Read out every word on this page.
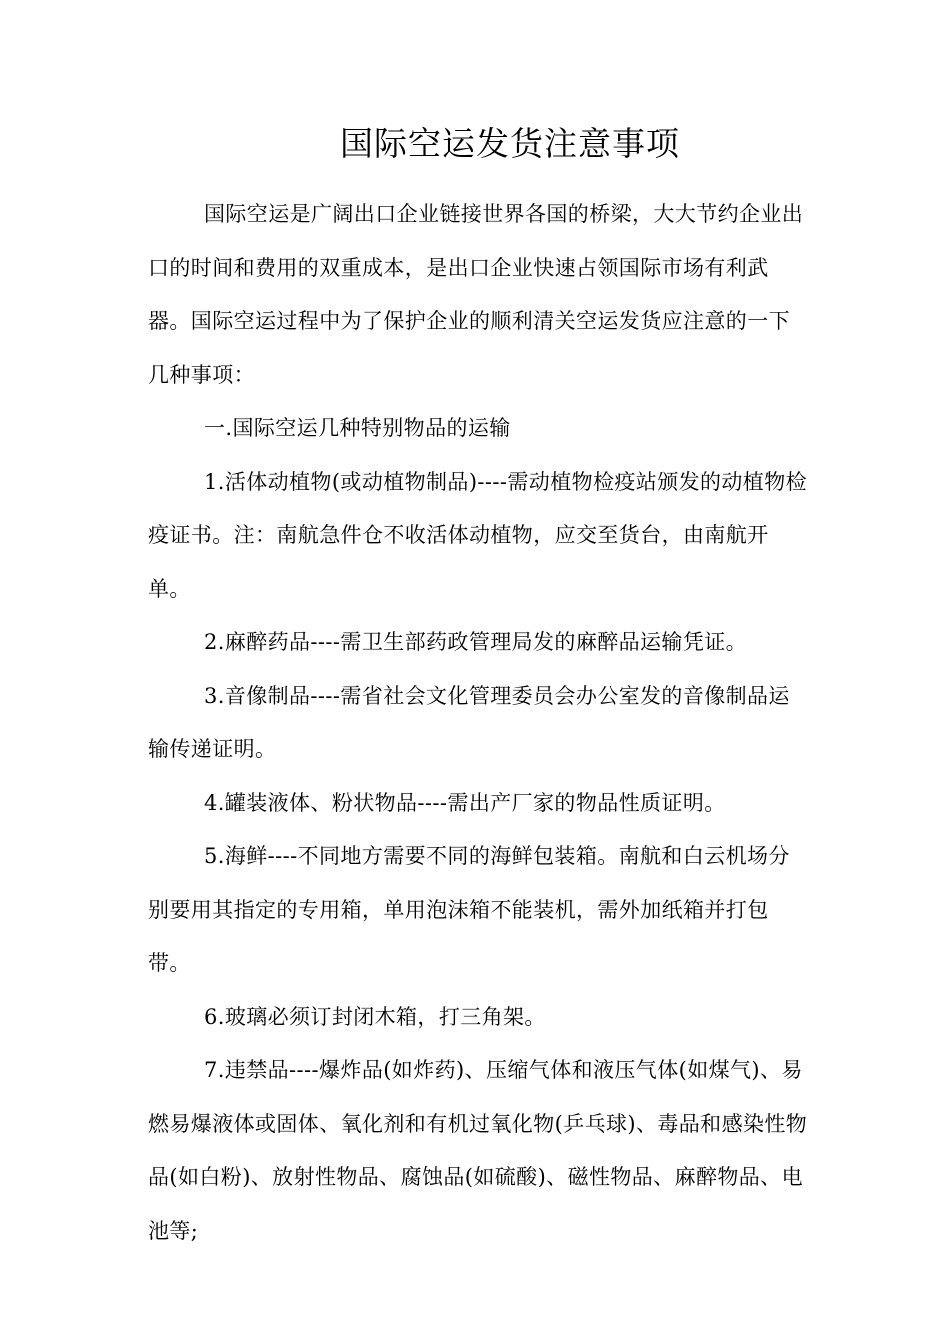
国际空运发货注意事项

国际空运是广阔出口企业链接世界各国的桥梁，大大节约企业出口的时间和费用的双重成本，是出口企业快速占领国际市场有利武器。国际空运过程中为了保护企业的顺利清关空运发货应注意的一下几种事项：

一.国际空运几种特别物品的运输

1.活体动植物(或动植物制品)----需动植物检疫站颁发的动植物检疫证书。注：南航急件仓不收活体动植物，应交至货台，由南航开单。

2.麻醉药品----需卫生部药政管理局发的麻醉品运输凭证。

3.音像制品----需省社会文化管理委员会办公室发的音像制品运输传递证明。

4.罐装液体、粉状物品----需出产厂家的物品性质证明。

5.海鲜----不同地方需要不同的海鲜包装箱。南航和白云机场分别要用其指定的专用箱，单用泡沫箱不能装机，需外加纸箱并打包带。

6.玻璃必须订封闭木箱，打三角架。

7.违禁品----爆炸品(如炸药)、压缩气体和液压气体(如煤气)、易燃易爆液体或固体、氧化剂和有机过氧化物(乒乓球)、毒品和感染性物品(如白粉)、放射性物品、腐蚀品(如硫酸)、磁性物品、麻醉物品、电池等;
